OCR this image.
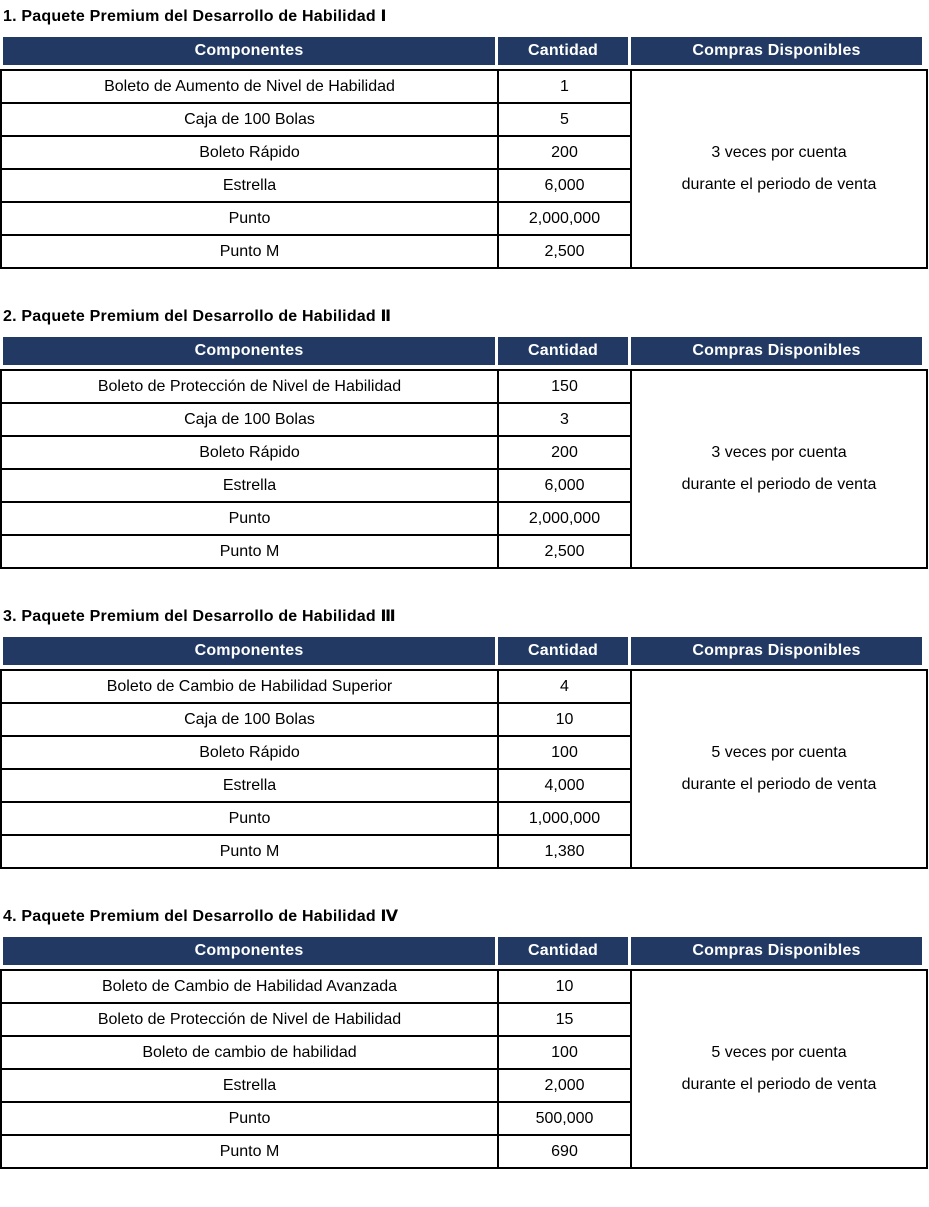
1. Paquete Premium del Desarrollo de Habilidad Ⅰ
Componentes	Cantidad	Compras Disponibles
Boleto de Aumento de Nivel de Habilidad	1	3 veces por cuenta
durante el periodo de venta

Caja de 100 Bolas	5	
Boleto Rápido	200	
Estrella	6,000	
Punto	2,000,000	
Punto M	2,500	
2. Paquete Premium del Desarrollo de Habilidad Ⅱ
Componentes	Cantidad	Compras Disponibles
Boleto de Protección de Nivel de Habilidad	150	3 veces por cuenta
durante el periodo de venta

Caja de 100 Bolas	3	
Boleto Rápido	200	
Estrella	6,000	
Punto	2,000,000	
Punto M	2,500	
3. Paquete Premium del Desarrollo de Habilidad Ⅲ
Componentes	Cantidad	Compras Disponibles
Boleto de Cambio de Habilidad Superior	4	5 veces por cuenta
durante el periodo de venta

Caja de 100 Bolas	10	
Boleto Rápido	100	
Estrella	4,000	
Punto	1,000,000	
Punto M	1,380	
4. Paquete Premium del Desarrollo de Habilidad Ⅳ
Componentes	Cantidad	Compras Disponibles
Boleto de Cambio de Habilidad Avanzada	10	5 veces por cuenta
durante el periodo de venta

Boleto de Protección de Nivel de Habilidad	15	
Boleto de cambio de habilidad	100	
Estrella	2,000	
Punto	500,000	
Punto M	690	
